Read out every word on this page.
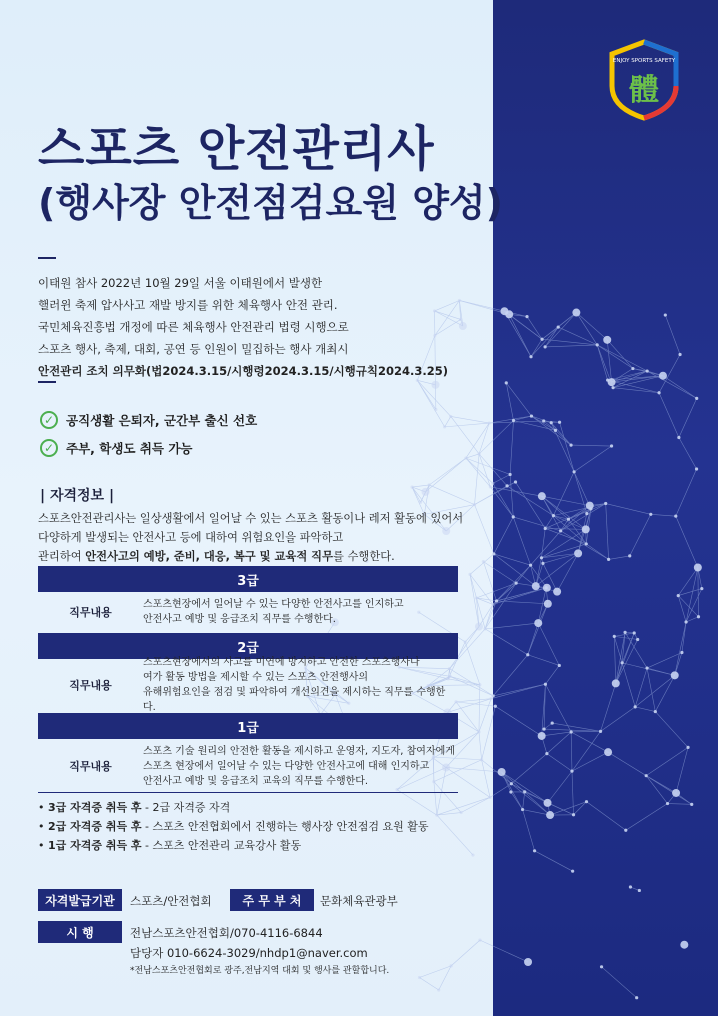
ENJOY SPORTS SAFETY
體
스포츠 안전관리사
(행사장 안전점검요원 양성)
이태원 참사 2022년 10월 29일 서울 이태원에서 발생한
핼러윈 축제 압사사고 재발 방지를 위한 체육행사 안전 관리.
국민체육진흥법 개정에 따른 체육행사 안전관리 법령 시행으로
스포츠 행사, 축제, 대회, 공연 등 인원이 밀집하는 행사 개최시
안전관리 조치 의무화(법2024.3.15/시행령2024.3.15/시행규칙2024.3.25)
✓ 공직생활 은퇴자, 군간부 출신 선호
✓ 주부, 학생도 취득 가능
| 자격정보 |
스포츠안전관리사는 일상생활에서 일어날 수 있는 스포츠 활동이나 레저 활동에 있어서
다양하게 발생되는 안전사고 등에 대하여 위험요인을 파악하고
관리하여 안전사고의 예방, 준비, 대응, 복구 및 교육적 직무를 수행한다.
3급
직무내용
스포츠현장에서 일어날 수 있는 다양한 안전사고를 인지하고
안전사고 예방 및 응급조치 직무를 수행한다.
2급
직무내용
스포츠현장에서의 사고를 미연에 방지하고 안전한 스포츠행사나
여가 활동 방법을 제시할 수 있는 스포츠 안전행사의
유해위험요인을 점검 및 파악하여 개선의견을 제시하는 직무를 수행한다.
1급
직무내용
스포츠 기술 원리의 안전한 활동을 제시하고 운영자, 지도자, 참여자에게
스포츠 현장에서 일어날 수 있는 다양한 안전사고에 대해 인지하고
안전사고 예방 및 응급조치 교육의 직무를 수행한다.
• 3급 자격증 취득 후 - 2급 자격증 자격
• 2급 자격증 취득 후 - 스포츠 안전협회에서 진행하는 행사장 안전점검 요원 활동
• 1급 자격증 취득 후 - 스포츠 안전관리 교육강사 활동
자격발급기관	스포츠/안전협회	주 무 부 처	문화체육관광부
시 행	전남스포츠안전협회/070-4116-6844
담당자 010-6624-3029/nhdp1@naver.com
*전남스포츠안전협회로 광주,전남지역 대회 및 행사를 관할합니다.
